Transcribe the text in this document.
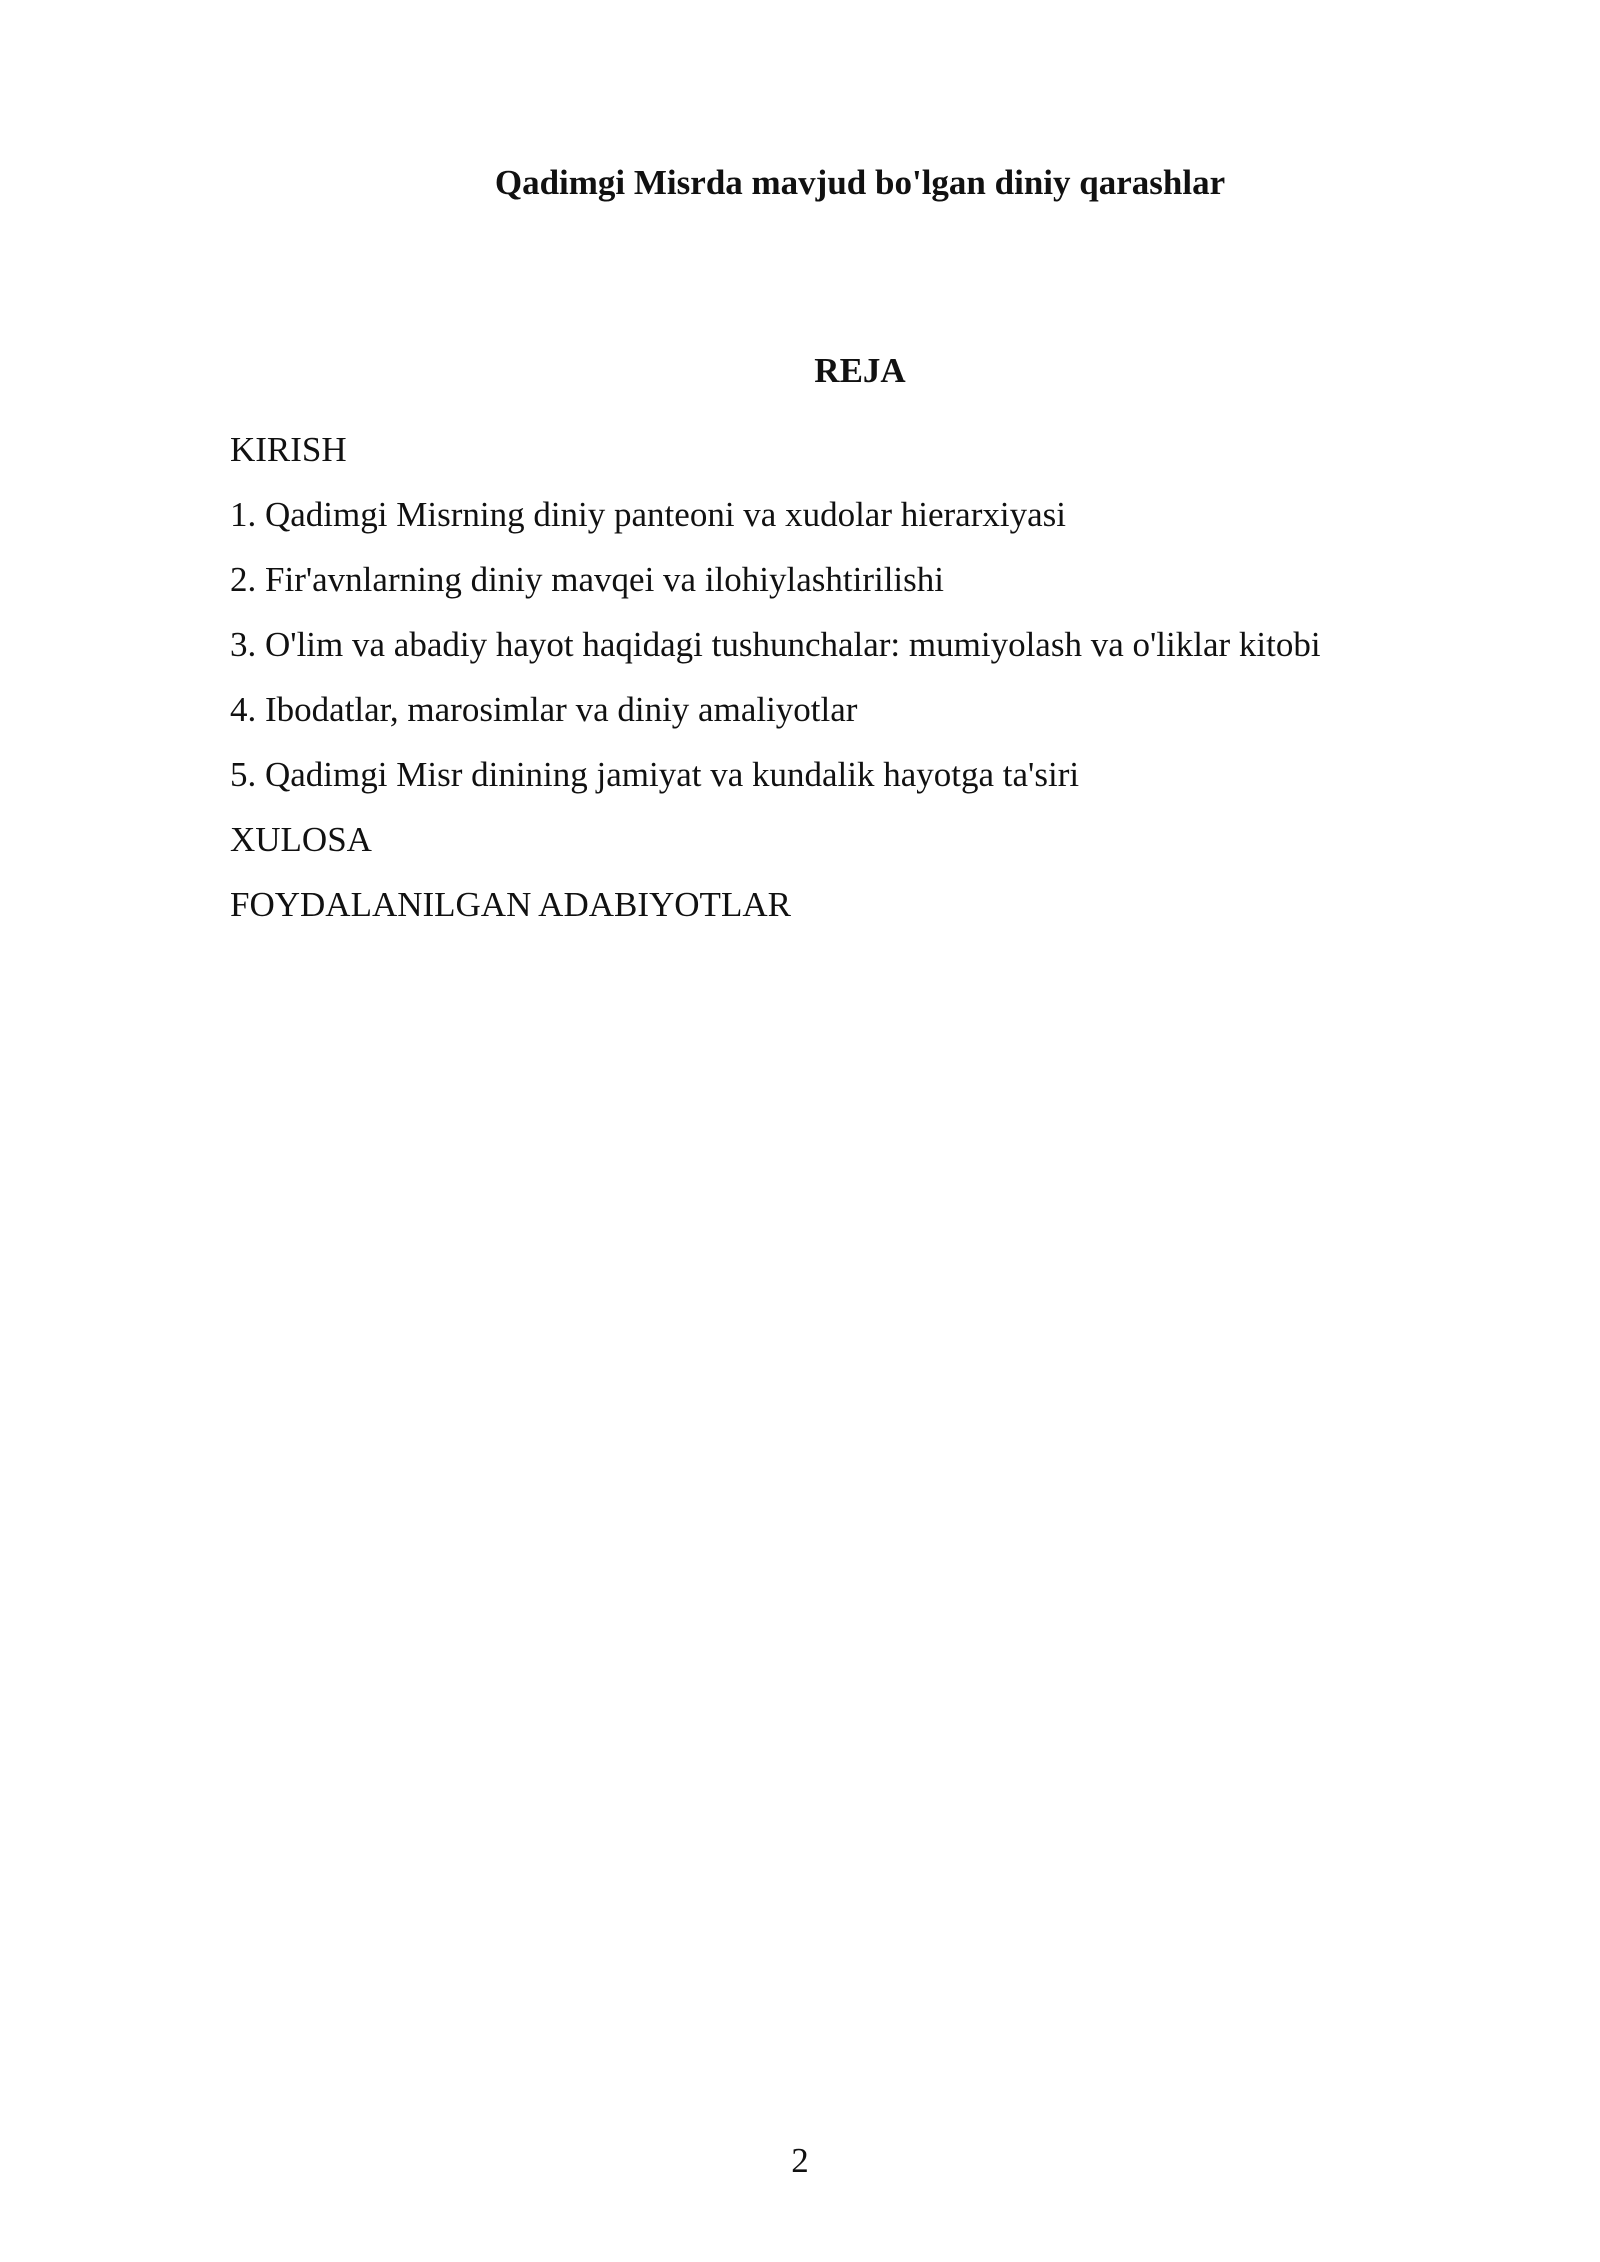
Qadimgi Misrda mavjud bo'lgan diniy qarashlar
REJA
KIRISH
1. Qadimgi Misrning diniy panteoni va xudolar hierarxiyasi
2. Fir'avnlarning diniy mavqei va ilohiylashtirilishi
3. O'lim va abadiy hayot haqidagi tushunchalar: mumiyolash va o'liklar kitobi
4. Ibodatlar, marosimlar va diniy amaliyotlar
5. Qadimgi Misr dinining jamiyat va kundalik hayotga ta'siri
XULOSA
FOYDALANILGAN ADABIYOTLAR
2
